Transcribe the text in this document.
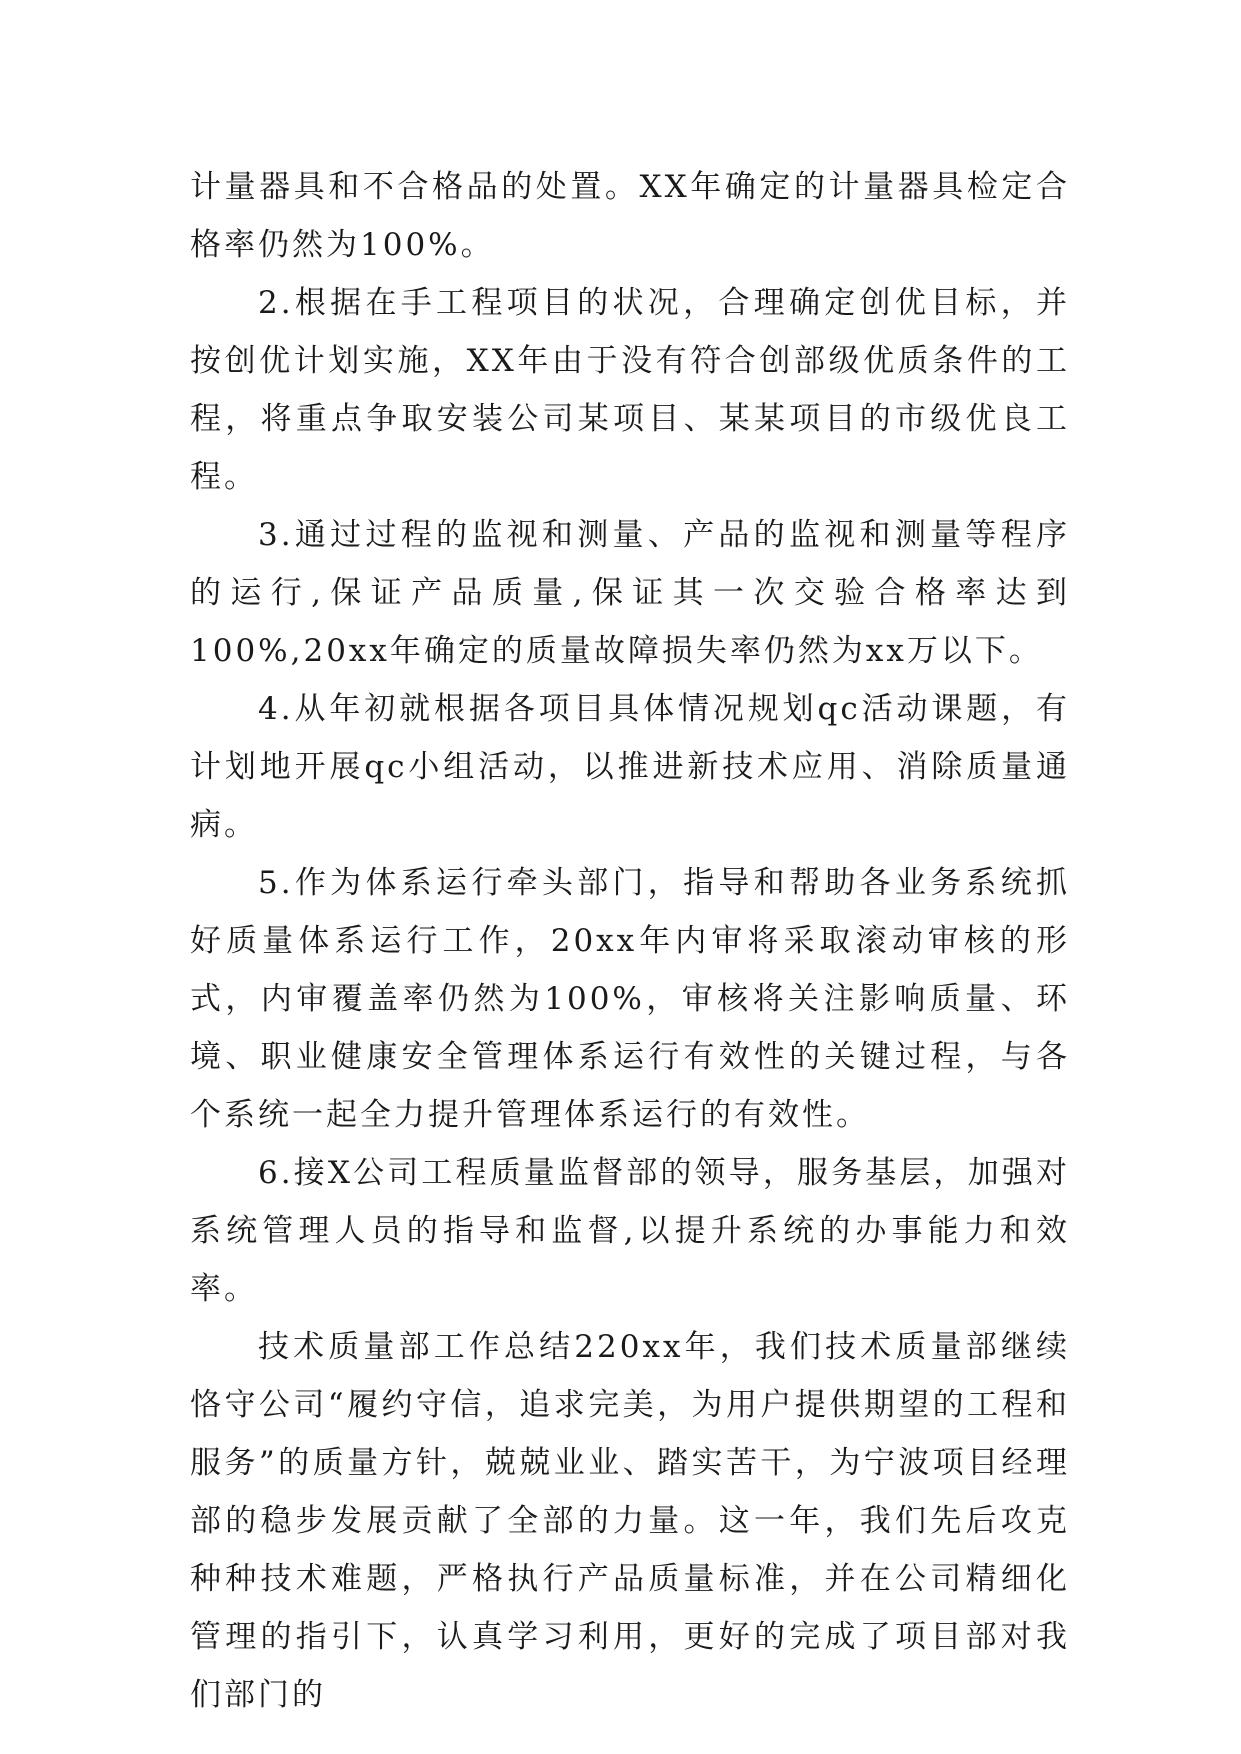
计量器具和不合格品的处置。XX年确定的计量器具检定合格率仍然为100%。

2.根据在手工程项目的状况，合理确定创优目标，并按创优计划实施，XX年由于没有符合创部级优质条件的工程，将重点争取安装公司某项目、某某项目的市级优良工程。

3.通过过程的监视和测量、产品的监视和测量等程序的运行,保证产品质量,保证其一次交验合格率达到100%,20xx年确定的质量故障损失率仍然为xx万以下。

4.从年初就根据各项目具体情况规划qc活动课题，有计划地开展qc小组活动，以推进新技术应用、消除质量通病。

5.作为体系运行牵头部门，指导和帮助各业务系统抓好质量体系运行工作，20xx年内审将采取滚动审核的形式，内审覆盖率仍然为100%，审核将关注影响质量、环境、职业健康安全管理体系运行有效性的关键过程，与各个系统一起全力提升管理体系运行的有效性。

6.接X公司工程质量监督部的领导，服务基层，加强对系统管理人员的指导和监督,以提升系统的办事能力和效率。

技术质量部工作总结220xx年，我们技术质量部继续恪守公司“履约守信，追求完美，为用户提供期望的工程和服务”的质量方针，兢兢业业、踏实苦干，为宁波项目经理部的稳步发展贡献了全部的力量。这一年，我们先后攻克种种技术难题，严格执行产品质量标准，并在公司精细化管理的指引下，认真学习利用，更好的完成了项目部对我们部门的
